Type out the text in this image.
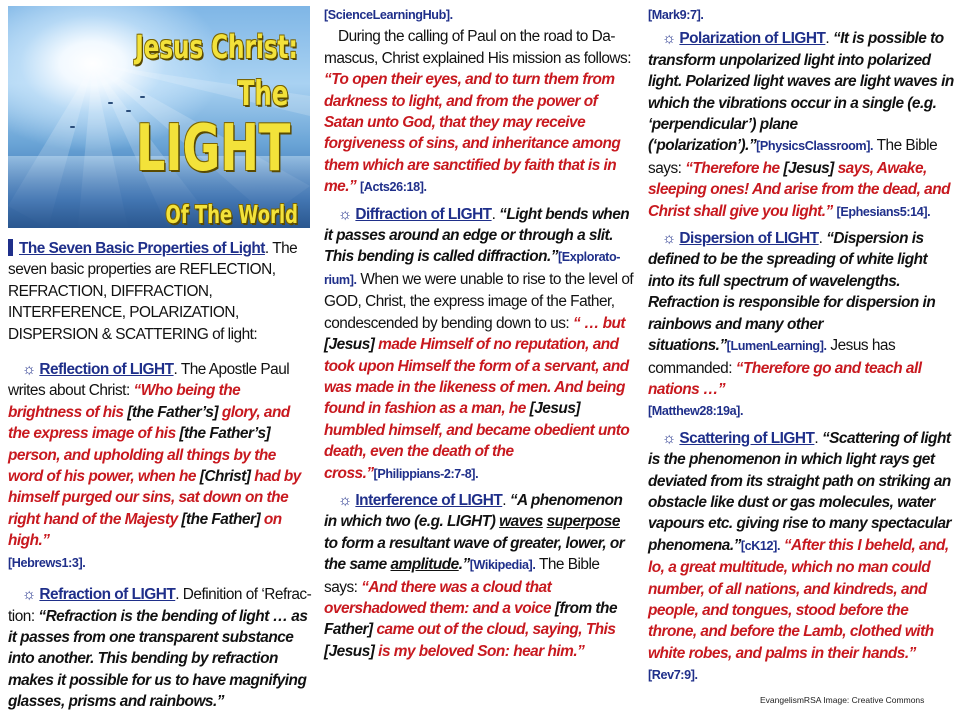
Jesus Christ:
The
LIGHT
Of The World

The Seven Basic Properties of Light. The seven basic properties are REFLECTION, REFRACTION, DIFFRACTION, INTERFERENCE, POLARIZATION, DISPERSION & SCATTERING of light:

☼ Reflection of LIGHT. The Apostle Paul writes about Christ: “Who being the brightness of his [the Father’s] glory, and the express image of his [the Father’s] person, and upholding all things by the word of his power, when he [Christ] had by himself purged our sins, sat down on the right hand of the Majesty [the Father] on high.”
[Hebrews1:3].

☼ Refraction of LIGHT. Definition of ‘Refraction: “Refraction is the bending of light … as it passes from one transparent substance into another. This bending by refraction makes it possible for us to have magnifying glasses, prisms and rainbows.”

[ScienceLearningHub].

During the calling of Paul on the road to Damascus, Christ explained His mission as follows: “To open their eyes, and to turn them from darkness to light, and from the power of Satan unto God, that they may receive forgiveness of sins, and inheritance among them which are sanctified by faith that is in me.” [Acts26:18].

☼ Diffraction of LIGHT. “Light bends when it passes around an edge or through a slit. This bending is called diffraction.”[Exploratorium]. When we were unable to rise to the level of GOD, Christ, the express image of the Father, condescended by bending down to us: “ … but [Jesus] made Himself of no reputation, and took upon Himself the form of a servant, and was made in the likeness of men. And being found in fashion as a man, he [Jesus] humbled himself, and became obedient unto death, even the death of the cross.”[Philippians-2:7-8].

☼ Interference of LIGHT. “A phenomenon in which two (e.g. LIGHT) waves superpose to form a resultant wave of greater, lower, or the same amplitude.”[Wikipedia]. The Bible says: “And there was a cloud that overshadowed them: and a voice [from the Father] came out of the cloud, saying, This [Jesus] is my beloved Son: hear him.”

[Mark9:7].

☼ Polarization of LIGHT. “It is possible to transform unpolarized light into polarized light. Polarized light waves are light waves in which the vibrations occur in a single (e.g. ‘perpendicular’) plane (‘polarization’).”[PhysicsClassroom]. The Bible says: “Therefore he [Jesus] says, Awake, sleeping ones! And arise from the dead, and Christ shall give you light.” [Ephesians5:14].

☼ Dispersion of LIGHT. “Dispersion is defined to be the spreading of white light into its full spectrum of wavelengths. Refraction is responsible for dispersion in rainbows and many other situations.”[LumenLearning]. Jesus has commanded: “Therefore go and teach all nations …”
[Matthew28:19a].

☼ Scattering of LIGHT. “Scattering of light is the phenomenon in which light rays get deviated from its straight path on striking an obstacle like dust or gas molecules, water vapours etc. giving rise to many spectacular phenomena.”[cK12]. “After this I beheld, and, lo, a great multitude, which no man could number, of all nations, and kindreds, and people, and tongues, stood before the throne, and before the Lamb, clothed with white robes, and palms in their hands.” [Rev7:9].

EvangelismRSA Image: Creative Commons
